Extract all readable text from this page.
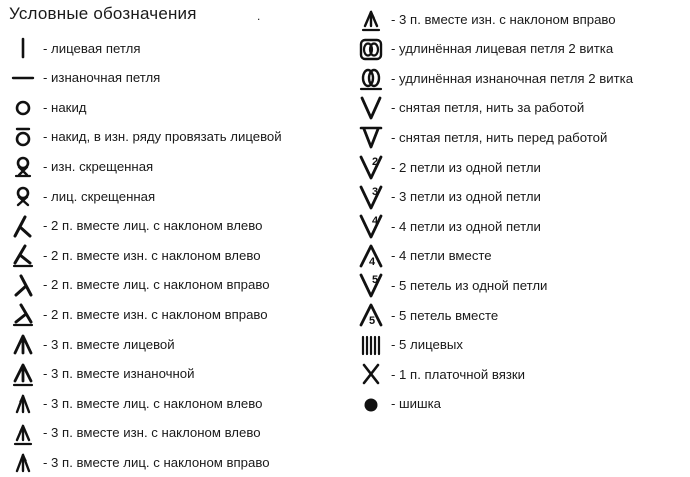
Условные обозначения	.
- лицевая петля
- изнаночная петля
- накид
- накид, в изн. ряду провязать лицевой
- изн. скрещенная
- лиц. скрещенная
- 2 п. вместе лиц. с наклоном влево
- 2 п. вместе изн. с наклоном влево
- 2 п. вместе лиц. с наклоном вправо
- 2 п. вместе изн. с наклоном вправо
- 3 п. вместе лицевой
- 3 п. вместе изнаночной
- 3 п. вместе лиц. с наклоном влево
- 3 п. вместе изн. с наклоном влево
- 3 п. вместе лиц. с наклоном вправо
- 3 п. вместе изн. с наклоном вправо
- удлинённая лицевая петля 2 витка
- удлинённая изнаночная петля 2 витка
- снятая петля, нить за работой
- снятая петля, нить перед работой
2 - 2 петли из одной петли
3 - 3 петли из одной петли
4 - 4 петли из одной петли
4 - 4 петли вместе
5 - 5 петель из одной петли
5 - 5 петель вместе
- 5 лицевых
- 1 п. платочной вязки
- шишка
